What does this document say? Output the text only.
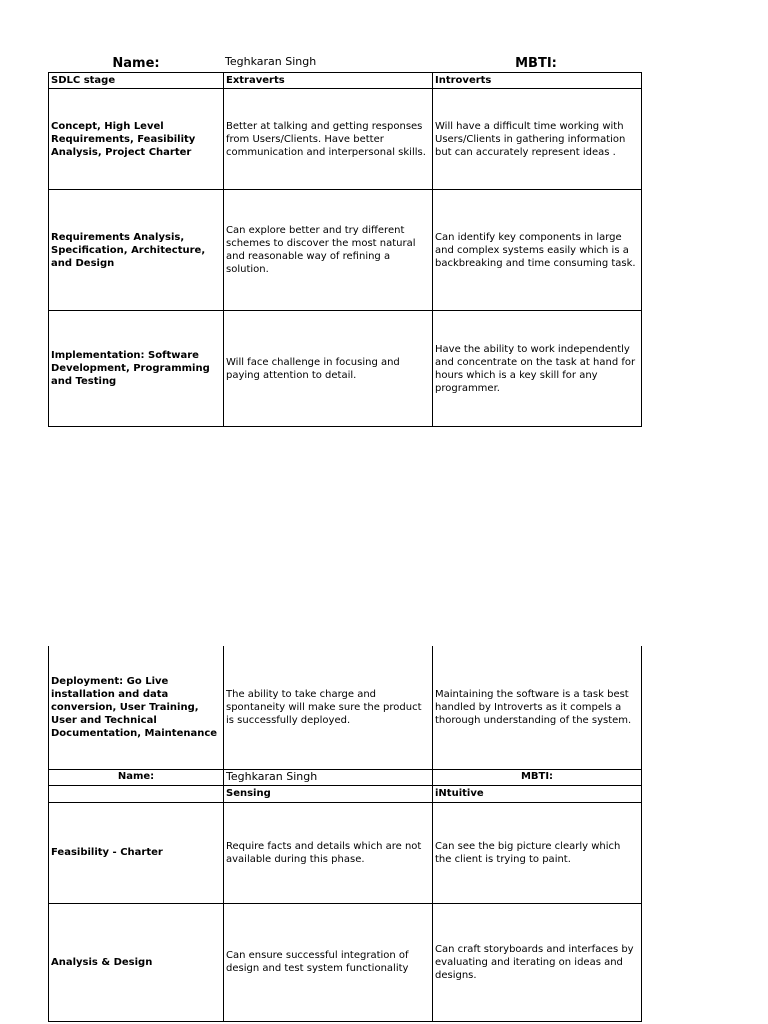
Name:	Teghkaran Singh	MBTI:
SDLC stage	Extraverts	Introverts
Concept, High Level Requirements, Feasibility Analysis, Project Charter	Better at talking and getting responses from Users/Clients. Have better communication and interpersonal skills.	Will have a difficult time working with Users/Clients in gathering information but can accurately represent ideas .
Requirements Analysis, Specification, Architecture, and Design	Can explore better and try different schemes to discover the most natural and reasonable way of refining a solution.	Can identify key components in large and complex systems easily which is a backbreaking and time consuming task.
Implementation: Software Development, Programming and Testing	Will face challenge in focusing and paying attention to detail.	Have the ability to work independently and concentrate on the task at hand for hours which is a key skill for any programmer.
Deployment: Go Live installation and data conversion, User Training, User and Technical Documentation, Maintenance	The ability to take charge and spontaneity will make sure the product is successfully deployed.	Maintaining the software is a task best handled by Introverts as it compels a thorough understanding of the system.
Name:	Teghkaran Singh	MBTI:
	Sensing	iNtuitive
Feasibility - Charter	Require facts and details which are not available during this phase.	Can see the big picture clearly which the client is trying to paint.
Analysis & Design	Can ensure successful integration of design and test system functionality	Can craft storyboards and interfaces by evaluating and iterating on ideas and designs.
